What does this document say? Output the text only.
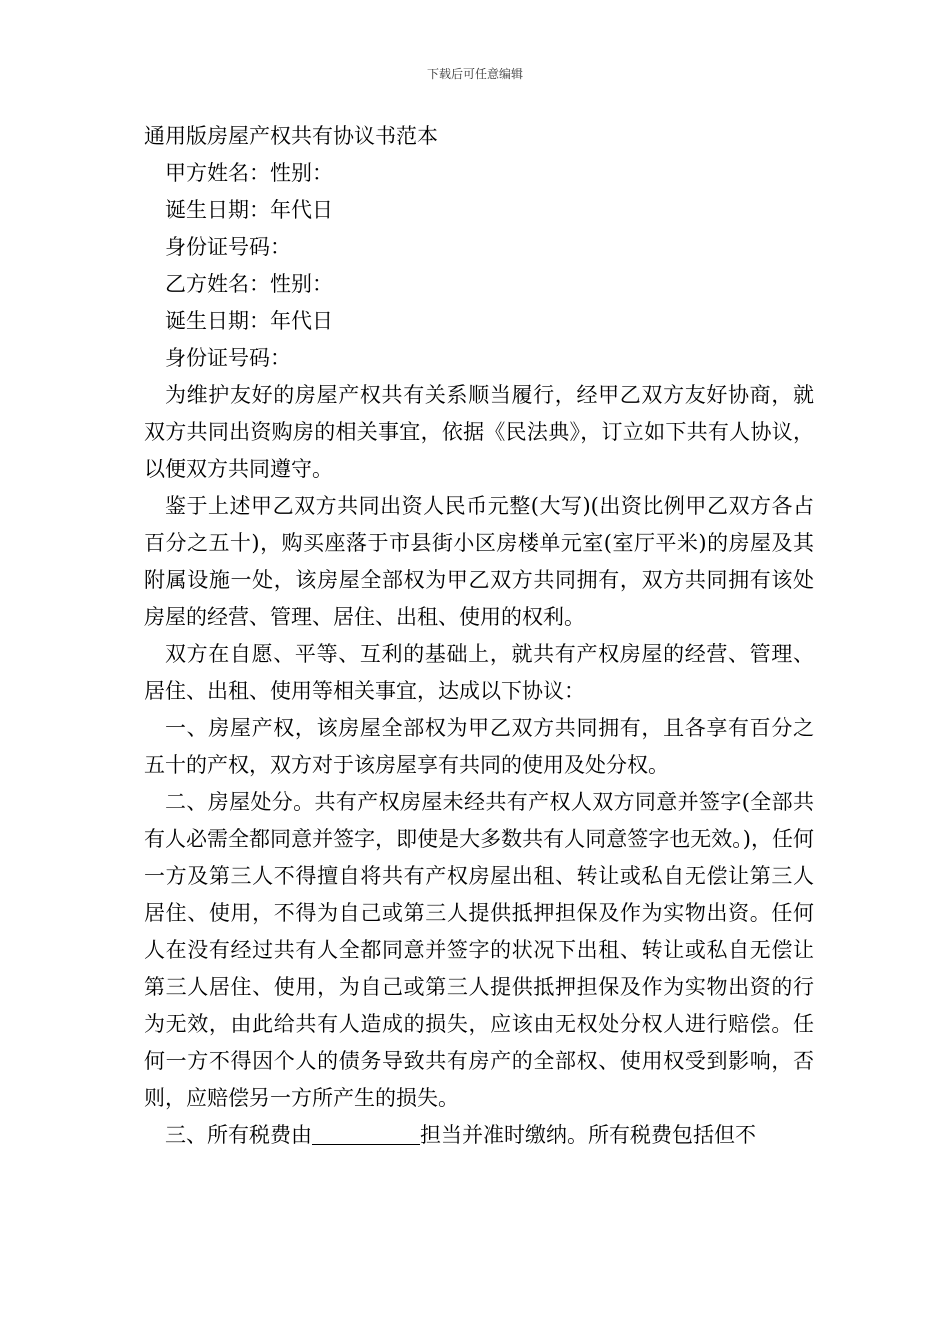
下载后可任意编辑

通用版房屋产权共有协议书范本

甲方姓名：性别：

诞生日期：年代日

身份证号码：

乙方姓名：性别：

诞生日期：年代日

身份证号码：

为维护友好的房屋产权共有关系顺当履行，经甲乙双方友好协商，就双方共同出资购房的相关事宜，依据《民法典》，订立如下共有人协议，以便双方共同遵守。

鉴于上述甲乙双方共同出资人民币元整(大写)(出资比例甲乙双方各占百分之五十)，购买座落于市县街小区房楼单元室(室厅平米)的房屋及其附属设施一处，该房屋全部权为甲乙双方共同拥有，双方共同拥有该处房屋的经营、管理、居住、出租、使用的权利。

双方在自愿、平等、互利的基础上，就共有产权房屋的经营、管理、居住、出租、使用等相关事宜，达成以下协议：

一、房屋产权，该房屋全部权为甲乙双方共同拥有，且各享有百分之五十的产权，双方对于该房屋享有共同的使用及处分权。

二、房屋处分。共有产权房屋未经共有产权人双方同意并签字(全部共有人必需全都同意并签字，即使是大多数共有人同意签字也无效。)，任何一方及第三人不得擅自将共有产权房屋出租、转让或私自无偿让第三人居住、使用，不得为自己或第三人提供抵押担保及作为实物出资。任何人在没有经过共有人全都同意并签字的状况下出租、转让或私自无偿让第三人居住、使用，为自己或第三人提供抵押担保及作为实物出资的行为无效，由此给共有人造成的损失，应该由无权处分权人进行赔偿。任何一方不得因个人的债务导致共有房产的全部权、使用权受到影响，否则，应赔偿另一方所产生的损失。

三、所有税费由	担当并准时缴纳。所有税费包括但不
